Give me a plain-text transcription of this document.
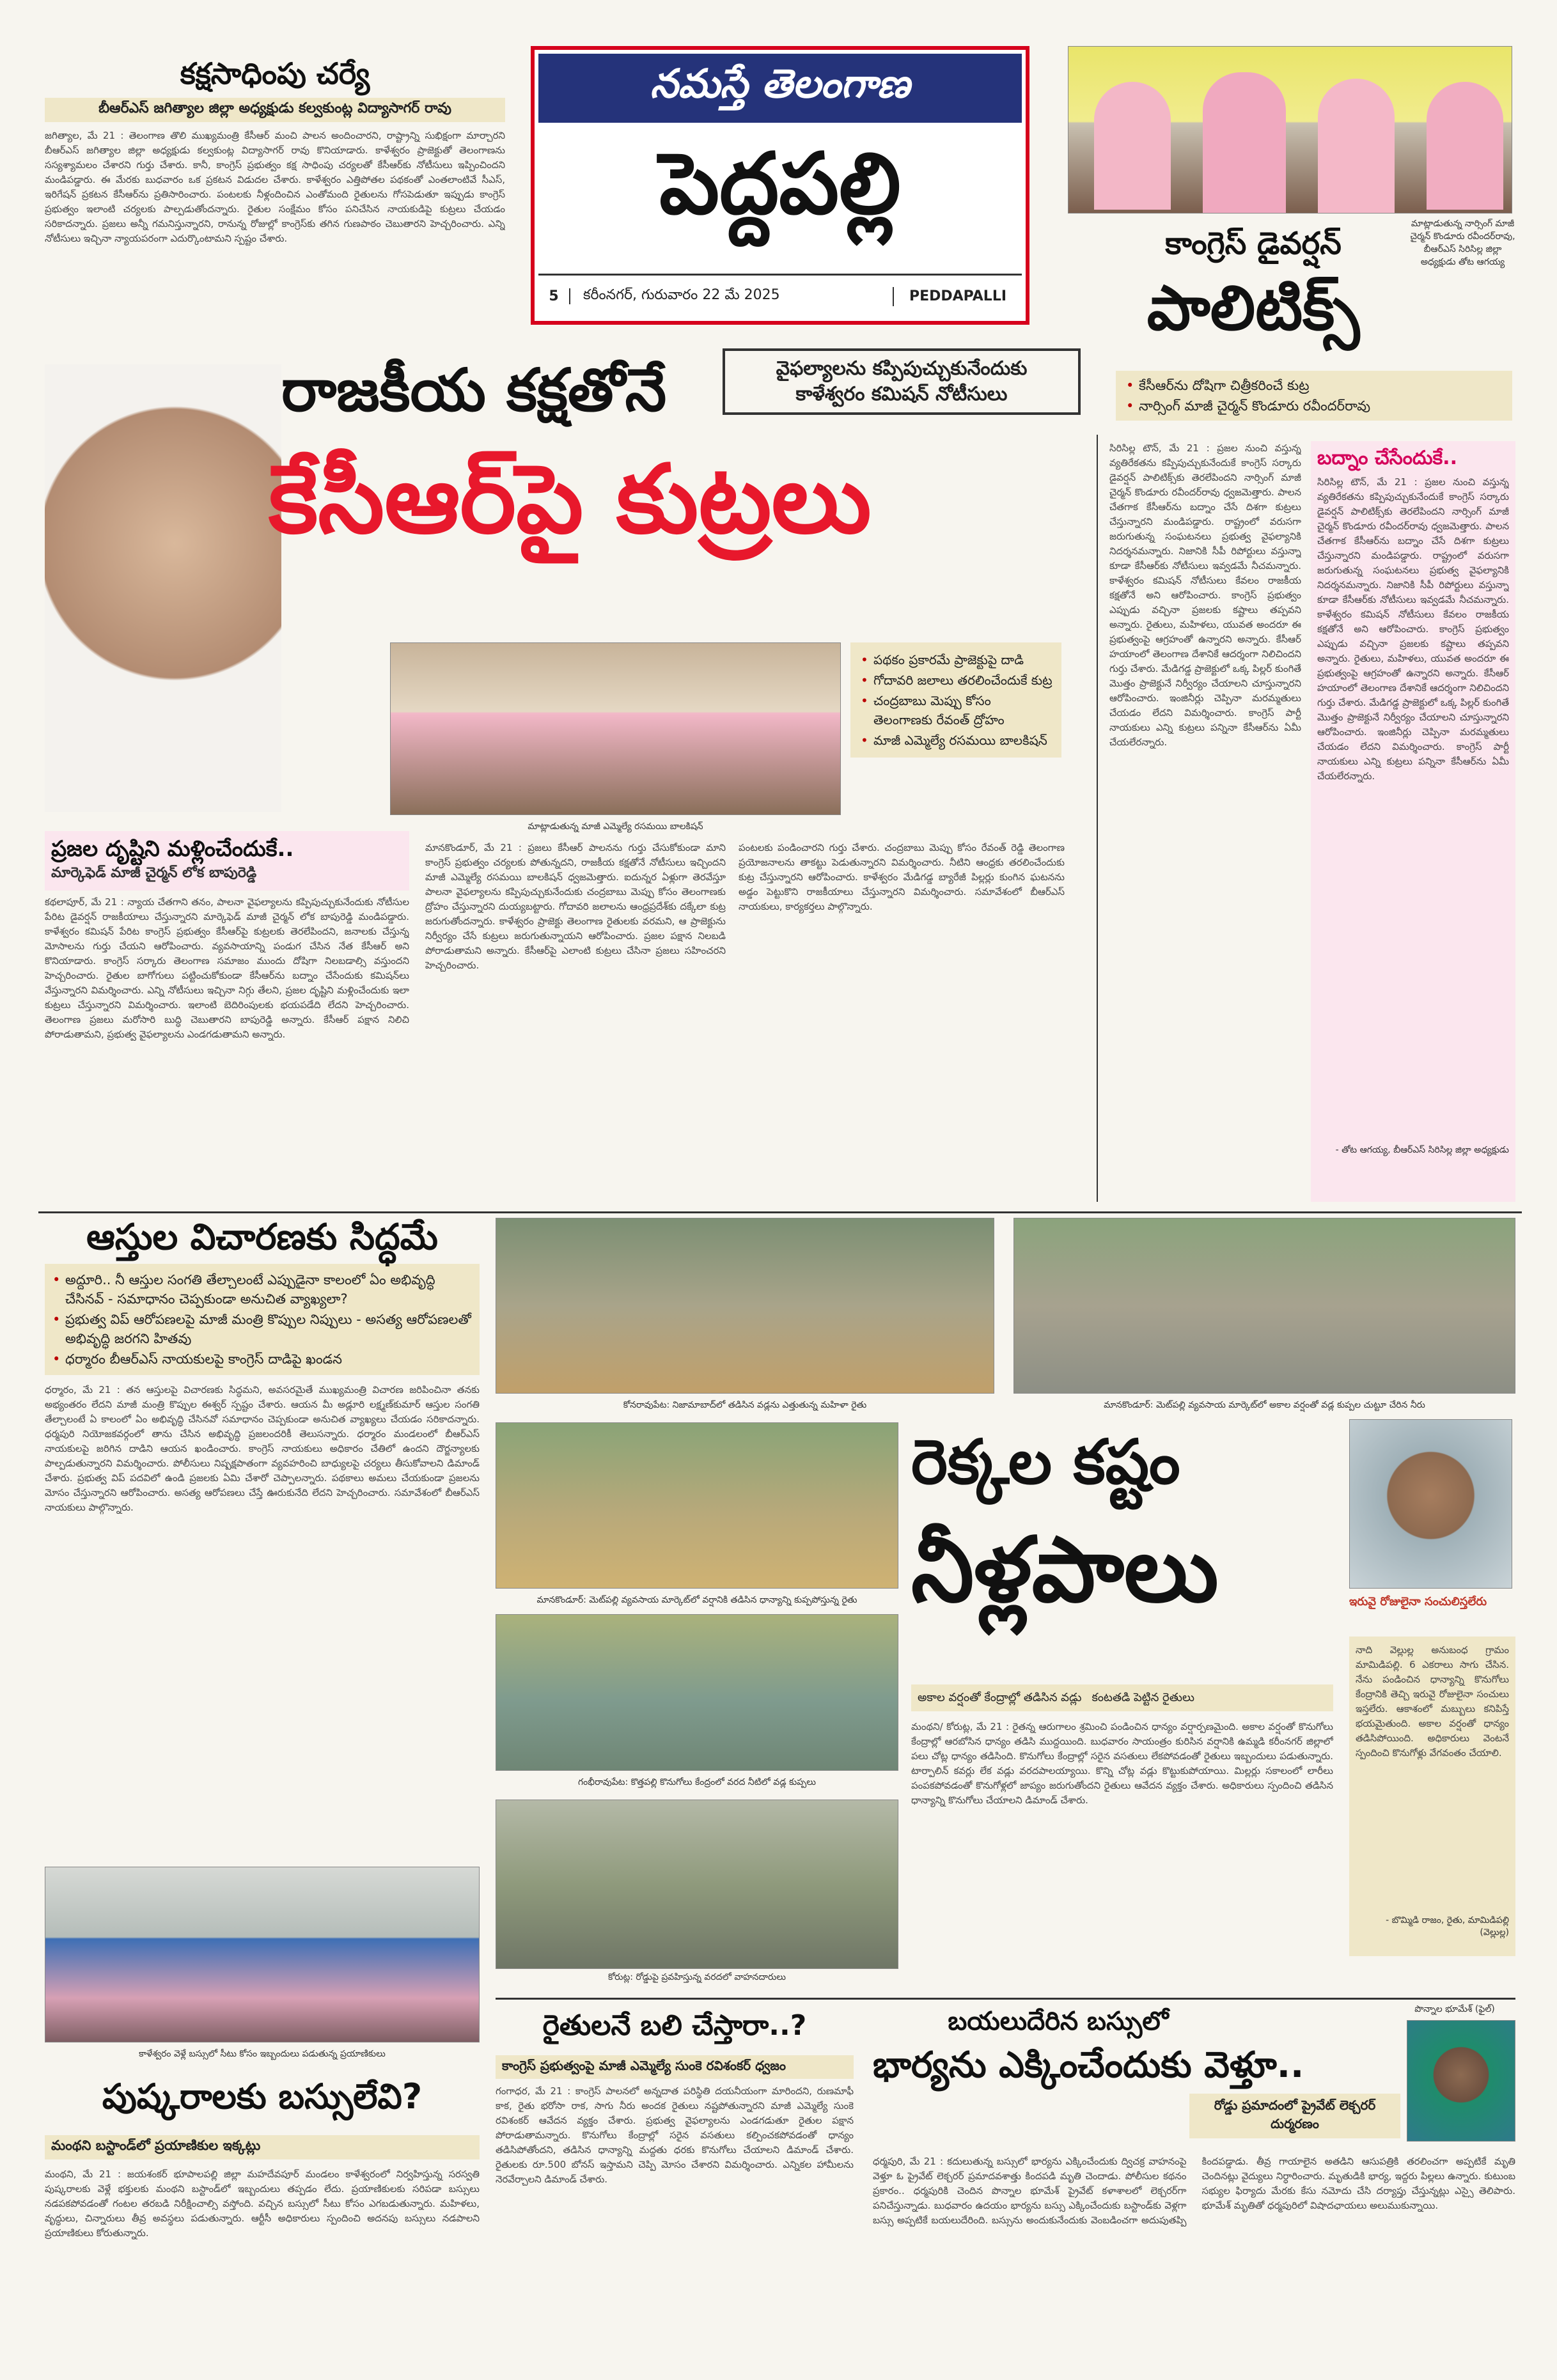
నమస్తే తెలంగాణ
పెద్దపల్లి
5	కరీంనగర్, గురువారం 22 మే 2025	PEDDAPALLI
కక్షసాధింపు చర్యే
బీఆర్ఎస్ జగిత్యాల జిల్లా అధ్యక్షుడు కల్వకుంట్ల విద్యాసాగర్ రావు
జగిత్యాల, మే 21 : తెలంగాణ తొలి ముఖ్యమంత్రి కేసీఆర్ మంచి పాలన అందించారని, రాష్ట్రాన్ని సుభిక్షంగా మార్చారని బీఆర్ఎస్ జగిత్యాల జిల్లా అధ్యక్షుడు కల్వకుంట్ల విద్యాసాగర్ రావు కొనియాడారు. కాళేశ్వరం ప్రాజెక్టుతో తెలంగాణను సస్యశ్యామలం చేశారని గుర్తు చేశారు. కానీ, కాంగ్రెస్ ప్రభుత్వం కక్ష సాధింపు చర్యలతో కేసీఆర్‌కు నోటీసులు ఇప్పించిందని మండిపడ్డారు. ఈ మేరకు బుధవారం ఒక ప్రకటన విడుదల చేశారు. కాళేశ్వరం ఎత్తిపోతల పథకంతో ఎంతలాంటివే సీఎస్, ఇరిగేషన్ ప్రకటన కేసీఆర్‌ను ప్రతిసారించారు. పంటలకు నీళ్లందించిన ఎంతోమంది రైతులను గోసపెడుతూ ఇప్పుడు కాంగ్రెస్ ప్రభుత్వం ఇలాంటి చర్యలకు పాల్పడుతోందన్నారు. రైతుల సంక్షేమం కోసం పనిచేసిన నాయకుడిపై కుట్రలు చేయడం సరికాదన్నారు. ప్రజలు అన్నీ గమనిస్తున్నారని, రానున్న రోజుల్లో కాంగ్రెస్‌కు తగిన గుణపాఠం చెబుతారని హెచ్చరించారు. ఎన్ని నోటీసులు ఇచ్చినా న్యాయపరంగా ఎదుర్కొంటామని స్పష్టం చేశారు.
మాట్లాడుతున్న నార్సింగ్ మాజీ చైర్మన్ కొండూరు రవీందర్‌రావు, బీఆర్ఎస్ సిరిసిల్ల జిల్లా అధ్యక్షుడు తోట ఆగయ్య
కాంగ్రెస్ డైవర్షన్
పాలిటిక్స్
• కేసీఆర్‌ను దోషిగా చిత్రీకరించే కుట్ర
• నార్సింగ్ మాజీ చైర్మన్ కొండూరు రవీందర్‌రావు
వైఫల్యాలను కప్పిపుచ్చుకునేందుకు
కాళేశ్వరం కమిషన్ నోటీసులు
రాజకీయ కక్షతోనే
కేసీఆర్‌పై కుట్రలు
మాట్లాడుతున్న మాజీ ఎమ్మెల్యే రసమయి బాలకిషన్
• పథకం ప్రకారమే ప్రాజెక్టుపై దాడి
• గోదావరి జలాలు తరలించేందుకే కుట్ర
• చంద్రబాబు మెప్పు కోసం తెలంగాణకు రేవంత్ ద్రోహం
• మాజీ ఎమ్మెల్యే రసమయి బాలకిషన్
ప్రజల దృష్టిని మళ్లించేందుకే..
మార్కెఫెడ్ మాజీ చైర్మన్ లోక బాపురెడ్డి
కథలాపూర్, మే 21 : న్యాయ చేతగాని తనం, పాలనా వైఫల్యాలను కప్పిపుచ్చుకునేందుకు నోటీసుల పేరిట డైవర్షన్ రాజకీయాలు చేస్తున్నారని మార్కెఫెడ్ మాజీ చైర్మన్ లోక బాపురెడ్డి మండిపడ్డారు. కాళేశ్వరం కమిషన్ పేరిట కాంగ్రెస్ ప్రభుత్వం కేసీఆర్‌పై కుట్రలకు తెరలేపిందని, జనాలకు చేస్తున్న మోసాలను గుర్తు చేయని ఆరోపించారు. వ్యవసాయాన్ని పండుగ చేసిన నేత కేసీఆర్ అని కొనియాడారు. కాంగ్రెస్ సర్కారు తెలంగాణ సమాజం ముందు దోషిగా నిలబడాల్సి వస్తుందని హెచ్చరించారు. రైతుల బాగోగులు పట్టించుకోకుండా కేసీఆర్‌ను బద్నాం చేసేందుకు కమిషన్‌లు వేస్తున్నారని విమర్శించారు. ఎన్ని నోటీసులు ఇచ్చినా నిగ్గు తేలని, ప్రజల దృష్టిని మళ్లించేందుకు ఇలా కుట్రలు చేస్తున్నారని విమర్శించారు. ఇలాంటి బెదిరింపులకు భయపడేది లేదని హెచ్చరించారు. తెలంగాణ ప్రజలు మరోసారి బుద్ధి చెబుతారని బాపురెడ్డి అన్నారు. కేసీఆర్ పక్షాన నిలిచి పోరాడుతామని, ప్రభుత్వ వైఫల్యాలను ఎండగడుతామని అన్నారు.
మానకొండూర్, మే 21 : ప్రజలు కేసీఆర్ పాలనను గుర్తు చేసుకోకుండా మాని కాంగ్రెస్ ప్రభుత్వం చర్యలకు పోతున్నదని, రాజకీయ కక్షతోనే నోటీసులు ఇచ్చిందని మాజీ ఎమ్మెల్యే రసమయి బాలకిషన్ ధ్వజమెత్తారు. ఐదున్నర ఏళ్లుగా తెరవేస్తూ పాలనా వైఫల్యాలను కప్పిపుచ్చుకునేందుకు చంద్రబాబు మెప్పు కోసం తెలంగాణకు ద్రోహం చేస్తున్నారని దుయ్యబట్టారు. గోదావరి జలాలను ఆంధ్రప్రదేశ్‌కు దక్కేలా కుట్ర జరుగుతోందన్నారు. కాళేశ్వరం ప్రాజెక్టు తెలంగాణ రైతులకు వరమని, ఆ ప్రాజెక్టును నిర్వీర్యం చేసే కుట్రలు జరుగుతున్నాయని ఆరోపించారు. ప్రజల పక్షాన నిలబడి పోరాడుతామని అన్నారు. కేసీఆర్‌పై ఎలాంటి కుట్రలు చేసినా ప్రజలు సహించరని హెచ్చరించారు.
పంటలకు పండించారని గుర్తు చేశారు. చంద్రబాబు మెప్పు కోసం రేవంత్ రెడ్డి తెలంగాణ ప్రయోజనాలను తాకట్టు పెడుతున్నారని విమర్శించారు. నీటిని ఆంధ్రకు తరలించేందుకు కుట్ర చేస్తున్నారని ఆరోపించారు. కాళేశ్వరం మేడిగడ్డ బ్యారేజీ పిల్లర్లు కుంగిన ఘటనను అడ్డం పెట్టుకొని రాజకీయాలు చేస్తున్నారని విమర్శించారు. సమావేశంలో బీఆర్ఎస్ నాయకులు, కార్యకర్తలు పాల్గొన్నారు.
సిరిసిల్ల టౌన్, మే 21 : ప్రజల నుంచి వస్తున్న వ్యతిరేకతను కప్పిపుచ్చుకునేందుకే కాంగ్రెస్ సర్కారు డైవర్షన్ పాలిటిక్స్‌కు తెరలేపిందని నార్సింగ్ మాజీ చైర్మన్ కొండూరు రవీందర్‌రావు ధ్వజమెత్తారు. పాలన చేతగాక కేసీఆర్‌ను బద్నాం చేసే దిశగా కుట్రలు చేస్తున్నారని మండిపడ్డారు. రాష్ట్రంలో వరుసగా జరుగుతున్న సంఘటనలు ప్రభుత్వ వైఫల్యానికి నిదర్శనమన్నారు. నిజానికి సీపీ రిపోర్టులు వస్తున్నా కూడా కేసీఆర్‌కు నోటీసులు ఇవ్వడమే నీచమన్నారు. కాళేశ్వరం కమిషన్ నోటీసులు కేవలం రాజకీయ కక్షతోనే అని ఆరోపించారు. కాంగ్రెస్ ప్రభుత్వం ఎప్పుడు వచ్చినా ప్రజలకు కష్టాలు తప్పవని అన్నారు. రైతులు, మహిళలు, యువత అందరూ ఈ ప్రభుత్వంపై ఆగ్రహంతో ఉన్నారని అన్నారు. కేసీఆర్ హయాంలో తెలంగాణ దేశానికే ఆదర్శంగా నిలిచిందని గుర్తు చేశారు. మేడిగడ్డ ప్రాజెక్టులో ఒక్క పిల్లర్ కుంగితే మొత్తం ప్రాజెక్టునే నిర్వీర్యం చేయాలని చూస్తున్నారని ఆరోపించారు. ఇంజినీర్లు చెప్పినా మరమ్మతులు చేయడం లేదని విమర్శించారు. కాంగ్రెస్ పార్టీ నాయకులు ఎన్ని కుట్రలు పన్నినా కేసీఆర్‌ను ఏమీ చేయలేరన్నారు.
బద్నాం చేసేందుకే..
సిరిసిల్ల టౌన్, మే 21 : ప్రజల నుంచి వస్తున్న వ్యతిరేకతను కప్పిపుచ్చుకునేందుకే కాంగ్రెస్ సర్కారు డైవర్షన్ పాలిటిక్స్‌కు తెరలేపిందని నార్సింగ్ మాజీ చైర్మన్ కొండూరు రవీందర్‌రావు ధ్వజమెత్తారు. పాలన చేతగాక కేసీఆర్‌ను బద్నాం చేసే దిశగా కుట్రలు చేస్తున్నారని మండిపడ్డారు. రాష్ట్రంలో వరుసగా జరుగుతున్న సంఘటనలు ప్రభుత్వ వైఫల్యానికి నిదర్శనమన్నారు. నిజానికి సీపీ రిపోర్టులు వస్తున్నా కూడా కేసీఆర్‌కు నోటీసులు ఇవ్వడమే నీచమన్నారు. కాళేశ్వరం కమిషన్ నోటీసులు కేవలం రాజకీయ కక్షతోనే అని ఆరోపించారు. కాంగ్రెస్ ప్రభుత్వం ఎప్పుడు వచ్చినా ప్రజలకు కష్టాలు తప్పవని అన్నారు. రైతులు, మహిళలు, యువత అందరూ ఈ ప్రభుత్వంపై ఆగ్రహంతో ఉన్నారని అన్నారు. కేసీఆర్ హయాంలో తెలంగాణ దేశానికే ఆదర్శంగా నిలిచిందని గుర్తు చేశారు. మేడిగడ్డ ప్రాజెక్టులో ఒక్క పిల్లర్ కుంగితే మొత్తం ప్రాజెక్టునే నిర్వీర్యం చేయాలని చూస్తున్నారని ఆరోపించారు. ఇంజినీర్లు చెప్పినా మరమ్మతులు చేయడం లేదని విమర్శించారు. కాంగ్రెస్ పార్టీ నాయకులు ఎన్ని కుట్రలు పన్నినా కేసీఆర్‌ను ఏమీ చేయలేరన్నారు.
- తోట ఆగయ్య, బీఆర్ఎస్ సిరిసిల్ల జిల్లా అధ్యక్షుడు
ఆస్తుల విచారణకు సిద్ధమే
• అద్దూరి.. నీ ఆస్తుల సంగతి తేల్చాలంటే ఎప్పుడైనా కాలంలో ఏం అభివృద్ధి చేసినవ్ - సమాధానం చెప్పకుండా అనుచిత వ్యాఖ్యలా?
• ప్రభుత్వ విప్ ఆరోపణలపై మాజీ మంత్రి కొప్పుల నిప్పులు - అసత్య ఆరోపణలతో అభివృద్ధి జరగని హితవు
• ధర్మారం బీఆర్ఎస్ నాయకులపై కాంగ్రెస్ దాడిపై ఖండన
ధర్మారం, మే 21 : తన ఆస్తులపై విచారణకు సిద్ధమని, అవసరమైతే ముఖ్యమంత్రి విచారణ జరిపించినా తనకు అభ్యంతరం లేదని మాజీ మంత్రి కొప్పుల ఈశ్వర్ స్పష్టం చేశారు. ఆయన మీ అడ్లూరి లక్ష్మణ్‌కుమార్ ఆస్తుల సంగతి తేల్చాలంటే ఏ కాలంలో ఏం అభివృద్ధి చేసినవో సమాధానం చెప్పకుండా అనుచిత వ్యాఖ్యలు చేయడం సరికాదన్నారు. ధర్మపురి నియోజకవర్గంలో తాను చేసిన అభివృద్ధి ప్రజలందరికీ తెలుసన్నారు. ధర్మారం మండలంలో బీఆర్ఎస్ నాయకులపై జరిగిన దాడిని ఆయన ఖండించారు. కాంగ్రెస్ నాయకులు అధికారం చేతిలో ఉందని దౌర్జన్యాలకు పాల్పడుతున్నారని విమర్శించారు. పోలీసులు నిష్పక్షపాతంగా వ్యవహరించి బాధ్యులపై చర్యలు తీసుకోవాలని డిమాండ్ చేశారు. ప్రభుత్వ విప్ పదవిలో ఉండి ప్రజలకు ఏమి చేశారో చెప్పాలన్నారు. పథకాలు అమలు చేయకుండా ప్రజలను మోసం చేస్తున్నారని ఆరోపించారు. అసత్య ఆరోపణలు చేస్తే ఊరుకునేది లేదని హెచ్చరించారు. సమావేశంలో బీఆర్ఎస్ నాయకులు పాల్గొన్నారు.
కోనరావుపేట: నిజామాబాద్‌లో తడిసిన వడ్లను ఎత్తుతున్న మహిళా రైతు	మానకొండూర్: మెట్‌పల్లి వ్యవసాయ మార్కెట్‌లో అకాల వర్షంతో వడ్ల కుప్పల చుట్టూ చేరిన నీరు
మానకొండూర్: మెట్‌పల్లి వ్యవసాయ మార్కెట్‌లో వర్షానికి తడిసిన ధాన్యాన్ని కుప్పపోస్తున్న రైతు
గంభీరావుపేట: కొత్తపల్లి కొనుగోలు కేంద్రంలో వరద నీటిలో వడ్ల కుప్పలు
కోరుట్ల: రోడ్డుపై ప్రవహిస్తున్న వరదలో వాహనదారులు
రెక్కల కష్టం
నీళ్లపాలు	ఇరువై రోజులైనా సంచులిస్తలేరు
అకాల వర్షంతో కేంద్రాల్లో తడిసిన వడ్లు కంటతడి పెట్టిన రైతులు
మంథని/ కోరుట్ల, మే 21 : రైతన్న ఆరుగాలం శ్రమించి పండించిన ధాన్యం వర్షార్పణమైంది. అకాల వర్షంతో కొనుగోలు కేంద్రాల్లో ఆరబోసిన ధాన్యం తడిసి ముద్దయింది. బుధవారం సాయంత్రం కురిసిన వర్షానికి ఉమ్మడి కరీంనగర్ జిల్లాలో పలు చోట్ల ధాన్యం తడిసింది. కొనుగోలు కేంద్రాల్లో సరైన వసతులు లేకపోవడంతో రైతులు ఇబ్బందులు పడుతున్నారు. టార్పాలిన్ కవర్లు లేక వడ్లు వరదపాలయ్యాయి. కొన్ని చోట్ల వడ్లు కొట్టుకుపోయాయి. మిల్లర్లు సకాలంలో లారీలు పంపకపోవడంతో కొనుగోళ్లలో జాప్యం జరుగుతోందని రైతులు ఆవేదన వ్యక్తం చేశారు. అధికారులు స్పందించి తడిసిన ధాన్యాన్ని కొనుగోలు చేయాలని డిమాండ్ చేశారు.
నాది వెల్లుల్ల అనుబంధ గ్రామం మామిడిపల్లి. 6 ఎకరాలు సాగు చేసిన. నేను పండించిన ధాన్యాన్ని కొనుగోలు కేంద్రానికి తెచ్చి ఇరువై రోజులైనా సంచులు ఇస్తలేరు. ఆకాశంలో మబ్బులు కనిపిస్తే భయమైతుంది. అకాల వర్షంతో ధాన్యం తడిసిపోయింది. అధికారులు వెంటనే స్పందించి కొనుగోళ్లు వేగవంతం చేయాలి.
- బొమ్మిడి రాజం, రైతు, మామిడిపల్లి (వెల్లుల్ల)
కాళేశ్వరం వెళ్లే బస్సులో సీటు కోసం ఇబ్బందులు పడుతున్న ప్రయాణికులు
పుష్కరాలకు బస్సులేవి?
మంథని బస్టాండ్‌లో ప్రయాణికుల ఇక్కట్లు
మంథని, మే 21 : జయశంకర్ భూపాలపల్లి జిల్లా మహదేవపూర్ మండలం కాళేశ్వరంలో నిర్వహిస్తున్న సరస్వతి పుష్కరాలకు వెళ్లే భక్తులకు మంథని బస్టాండ్‌లో ఇబ్బందులు తప్పడం లేదు. ప్రయాణికులకు సరిపడా బస్సులు నడపకపోవడంతో గంటల తరబడి నిరీక్షించాల్సి వస్తోంది. వచ్చిన బస్సులో సీటు కోసం ఎగబడుతున్నారు. మహిళలు, వృద్ధులు, చిన్నారులు తీవ్ర అవస్థలు పడుతున్నారు. ఆర్టీసీ అధికారులు స్పందించి అదనపు బస్సులు నడపాలని ప్రయాణికులు కోరుతున్నారు.
రైతులనే బలి చేస్తారా..?
కాంగ్రెస్ ప్రభుత్వంపై మాజీ ఎమ్మెల్యే సుంకె రవిశంకర్ ధ్వజం
గంగాధర, మే 21 : కాంగ్రెస్ పాలనలో అన్నదాత పరిస్థితి దయనీయంగా మారిందని, రుణమాఫీ కాక, రైతు భరోసా రాక, సాగు నీరు అందక రైతులు నష్టపోతున్నారని మాజీ ఎమ్మెల్యే సుంకె రవిశంకర్ ఆవేదన వ్యక్తం చేశారు. ప్రభుత్వ వైఫల్యాలను ఎండగడుతూ రైతుల పక్షాన పోరాడుతామన్నారు. కొనుగోలు కేంద్రాల్లో సరైన వసతులు కల్పించకపోవడంతో ధాన్యం తడిసిపోతోందని, తడిసిన ధాన్యాన్ని మద్దతు ధరకు కొనుగోలు చేయాలని డిమాండ్ చేశారు. రైతులకు రూ.500 బోనస్ ఇస్తామని చెప్పి మోసం చేశారని విమర్శించారు. ఎన్నికల హామీలను నెరవేర్చాలని డిమాండ్ చేశారు.
బయలుదేరిన బస్సులో
భార్యను ఎక్కించేందుకు వెళ్తూ..
పొన్నాల భూమేశ్ (ఫైల్)
రోడ్డు ప్రమాదంలో ప్రైవేట్ లెక్చరర్ దుర్మరణం
ధర్మపురి, మే 21 : కదులుతున్న బస్సులో భార్యను ఎక్కించేందుకు ద్విచక్ర వాహనంపై వెళ్తూ ఓ ప్రైవేట్ లెక్చరర్ ప్రమాదవశాత్తు కిందపడి మృతి చెందాడు. పోలీసుల కథనం ప్రకారం.. ధర్మపురికి చెందిన పొన్నాల భూమేశ్ ప్రైవేట్ కళాశాలలో లెక్చరర్‌గా పనిచేస్తున్నాడు. బుధవారం ఉదయం భార్యను బస్సు ఎక్కించేందుకు బస్టాండ్‌కు వెళ్లగా బస్సు అప్పటికే బయలుదేరింది. బస్సును అందుకునేందుకు వెంబడించగా అదుపుతప్పి కిందపడ్డాడు. తీవ్ర గాయాలైన అతడిని ఆసుపత్రికి తరలించగా అప్పటికే మృతి చెందినట్లు వైద్యులు నిర్ధారించారు. మృతుడికి భార్య, ఇద్దరు పిల్లలు ఉన్నారు. కుటుంబ సభ్యుల ఫిర్యాదు మేరకు కేసు నమోదు చేసి దర్యాప్తు చేస్తున్నట్లు ఎస్సై తెలిపారు. భూమేశ్ మృతితో ధర్మపురిలో విషాదఛాయలు అలుముకున్నాయి.
